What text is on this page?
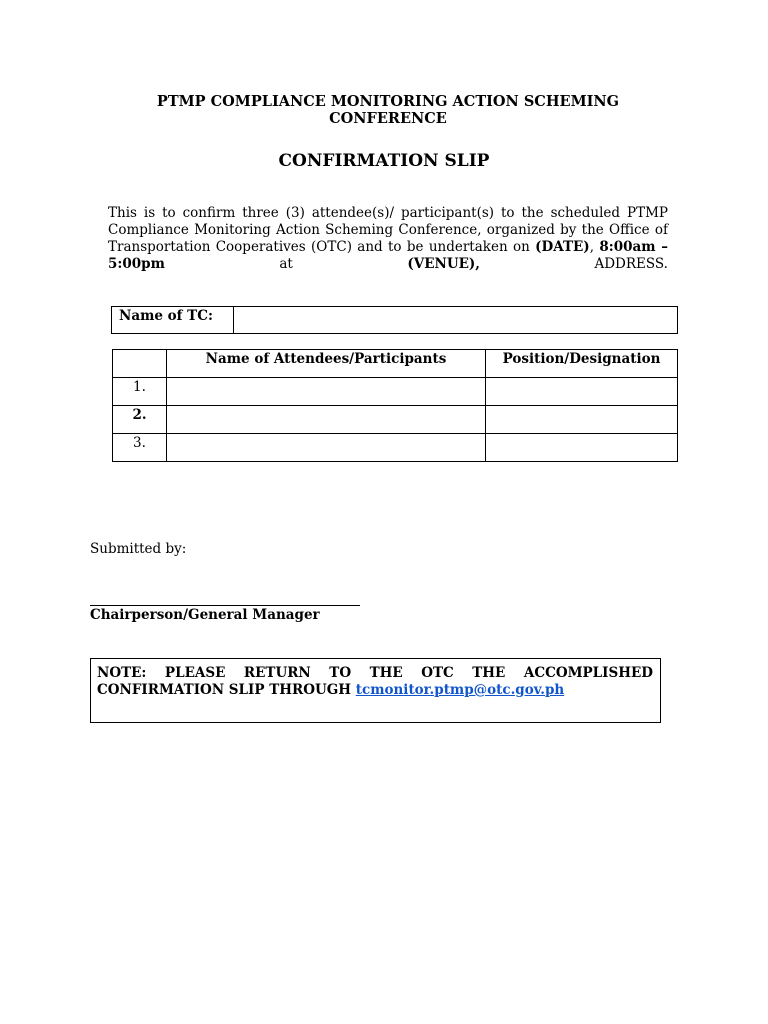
PTMP COMPLIANCE MONITORING ACTION SCHEMING
CONFERENCE
CONFIRMATION SLIP
This is to confirm three (3) attendee(s)/ participant(s) to the scheduled PTMP Compliance Monitoring Action Scheming Conference, organized by the Office of Transportation Cooperatives (OTC) and to be undertaken on (DATE), 8:00am – 5:00pm	at	(VENUE),	ADDRESS.
Name of TC:	
	Name of Attendees/Participants	Position/Designation
1.		
2.		
3.		
Submitted by:
Chairperson/General Manager
NOTE: PLEASE RETURN TO THE OTC THE ACCOMPLISHED
CONFIRMATION SLIP THROUGH tcmonitor.ptmp@otc.gov.ph
